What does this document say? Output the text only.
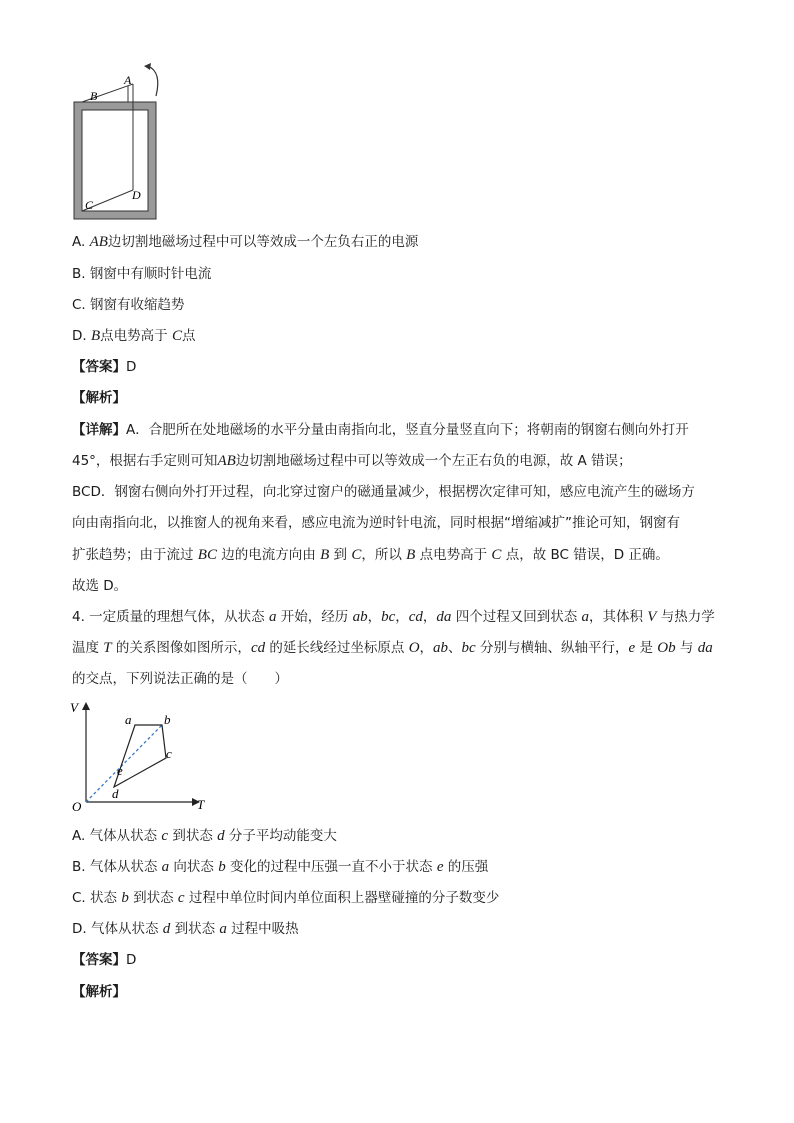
B
A
C
D
A. AB边切割地磁场过程中可以等效成一个左负右正的电源
B. 钢窗中有顺时针电流
C. 钢窗有收缩趋势
D. B点电势高于 C点
【答案】D
【解析】
【详解】A．合肥所在处地磁场的水平分量由南指向北，竖直分量竖直向下；将朝南的钢窗右侧向外打开
45°，根据右手定则可知AB边切割地磁场过程中可以等效成一个左正右负的电源，故 A 错误；
BCD．钢窗右侧向外打开过程，向北穿过窗户的磁通量减少，根据楞次定律可知，感应电流产生的磁场方
向由南指向北，以推窗人的视角来看，感应电流为逆时针电流，同时根据“增缩减扩”推论可知，钢窗有
扩张趋势；由于流过 BC 边的电流方向由 B 到 C，所以 B 点电势高于 C 点，故 BC 错误，D 正确。
故选 D。
4. 一定质量的理想气体，从状态 a 开始，经历 ab，bc，cd，da 四个过程又回到状态 a，其体积 V 与热力学
温度 T 的关系图像如图所示，cd 的延长线经过坐标原点 O，ab、bc 分别与横轴、纵轴平行，e 是 Ob 与 da
的交点，下列说法正确的是（　　）
V
T
O
a	b
c
d
e
A. 气体从状态 c 到状态 d 分子平均动能变大
B. 气体从状态 a 向状态 b 变化的过程中压强一直不小于状态 e 的压强
C. 状态 b 到状态 c 过程中单位时间内单位面积上器壁碰撞的分子数变少
D. 气体从状态 d 到状态 a 过程中吸热
【答案】D
【解析】
